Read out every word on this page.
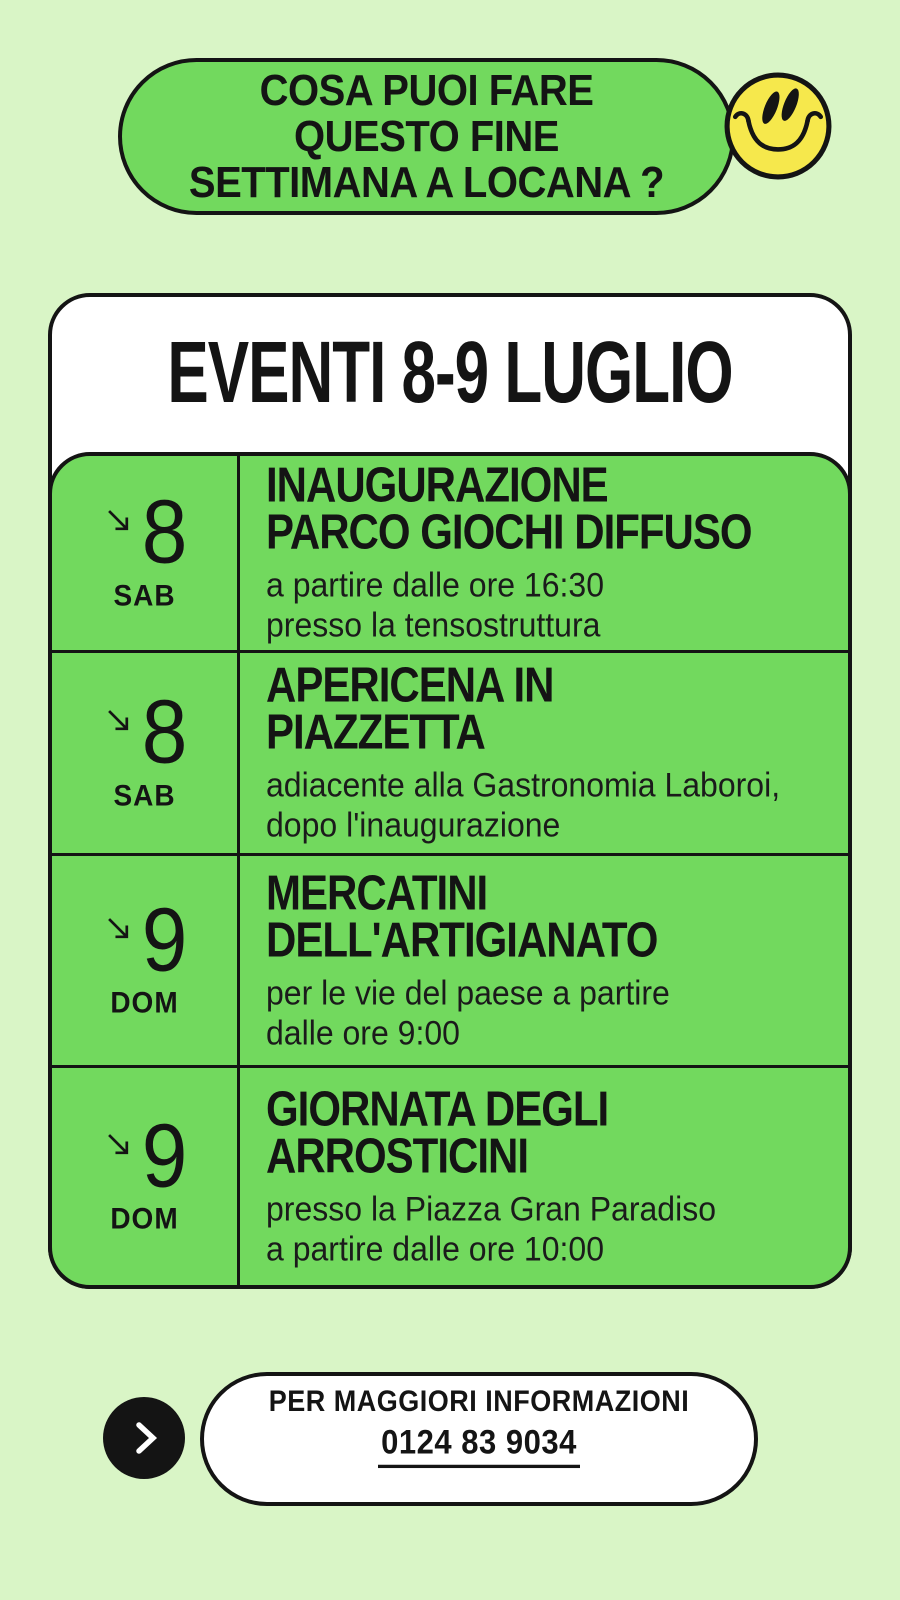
COSA PUOI FARE
QUESTO FINE
SETTIMANA A LOCANA ?
EVENTI 8-9 LUGLIO
8
SAB
INAUGURAZIONE
PARCO GIOCHI DIFFUSO
a partire dalle ore 16:30
presso la tensostruttura
8
SAB
APERICENA IN
PIAZZETTA
adiacente alla Gastronomia Laboroi,
dopo l'inaugurazione
9
DOM
MERCATINI
DELL'ARTIGIANATO
per le vie del paese a partire
dalle ore 9:00
9
DOM
GIORNATA DEGLI
ARROSTICINI
presso la Piazza Gran Paradiso
a partire dalle ore 10:00
PER MAGGIORI INFORMAZIONI
0124 83 9034
